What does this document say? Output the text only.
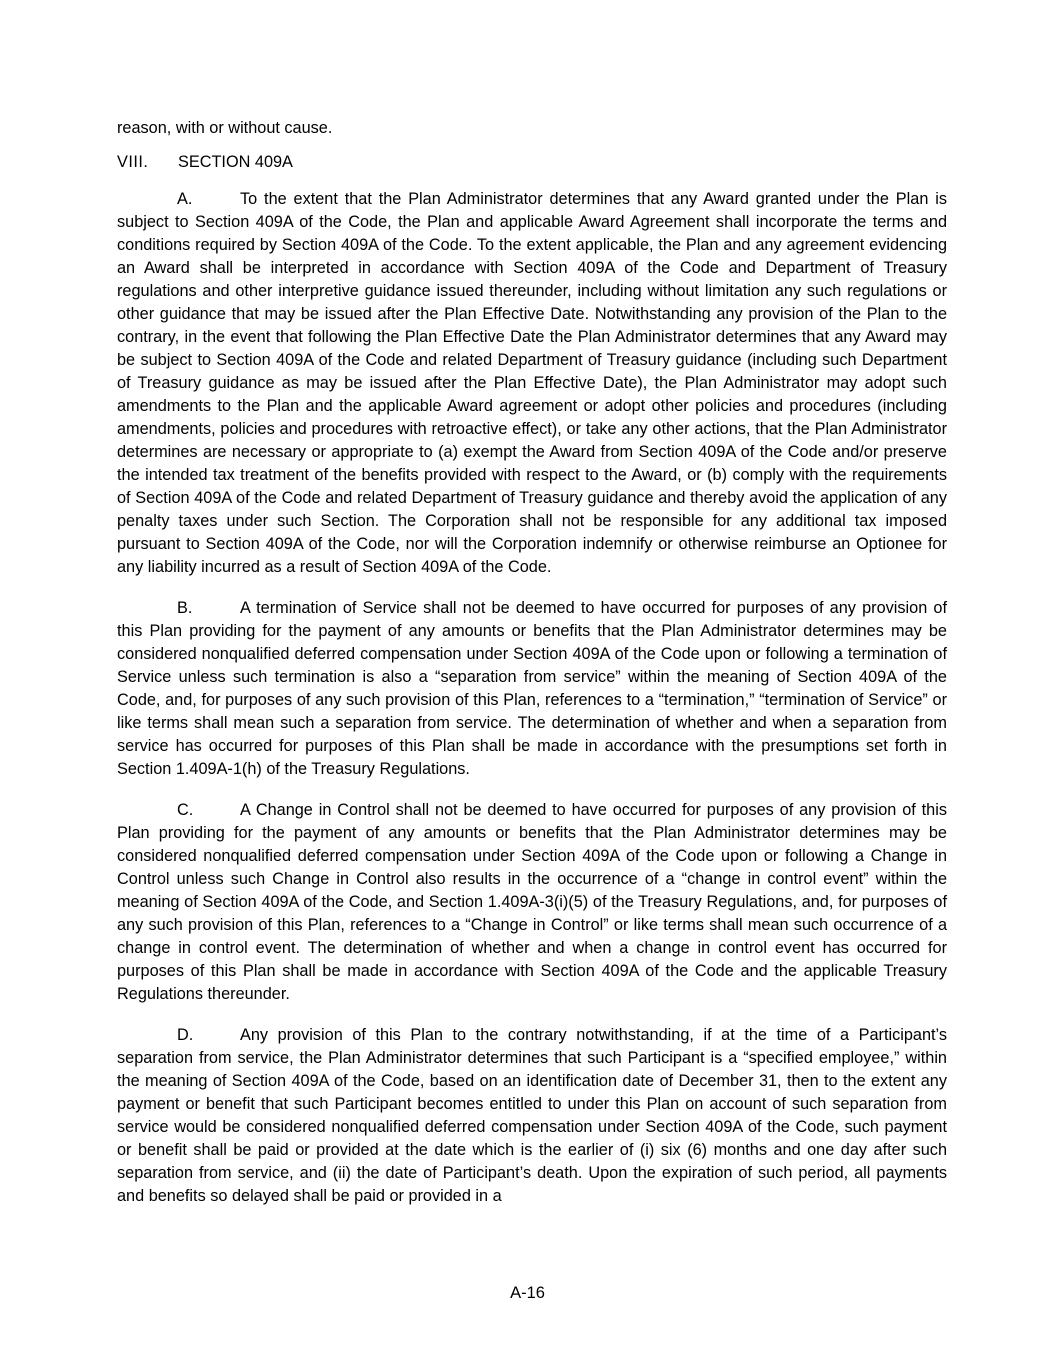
reason, with or without cause.

VIII.	SECTION 409A

A.	To the extent that the Plan Administrator determines that any Award granted under the Plan is subject to Section 409A of the Code, the Plan and applicable Award Agreement shall incorporate the terms and conditions required by Section 409A of the Code. To the extent applicable, the Plan and any agreement evidencing an Award shall be interpreted in accordance with Section 409A of the Code and Department of Treasury regulations and other interpretive guidance issued thereunder, including without limitation any such regulations or other guidance that may be issued after the Plan Effective Date. Notwithstanding any provision of the Plan to the contrary, in the event that following the Plan Effective Date the Plan Administrator determines that any Award may be subject to Section 409A of the Code and related Department of Treasury guidance (including such Department of Treasury guidance as may be issued after the Plan Effective Date), the Plan Administrator may adopt such amendments to the Plan and the applicable Award agreement or adopt other policies and procedures (including amendments, policies and procedures with retroactive effect), or take any other actions, that the Plan Administrator determines are necessary or appropriate to (a) exempt the Award from Section 409A of the Code and/or preserve the intended tax treatment of the benefits provided with respect to the Award, or (b) comply with the requirements of Section 409A of the Code and related Department of Treasury guidance and thereby avoid the application of any penalty taxes under such Section. The Corporation shall not be responsible for any additional tax imposed pursuant to Section 409A of the Code, nor will the Corporation indemnify or otherwise reimburse an Optionee for any liability incurred as a result of Section 409A of the Code.

B.	A termination of Service shall not be deemed to have occurred for purposes of any provision of this Plan providing for the payment of any amounts or benefits that the Plan Administrator determines may be considered nonqualified deferred compensation under Section 409A of the Code upon or following a termination of Service unless such termination is also a “separation from service” within the meaning of Section 409A of the Code, and, for purposes of any such provision of this Plan, references to a “termination,” “termination of Service” or like terms shall mean such a separation from service. The determination of whether and when a separation from service has occurred for purposes of this Plan shall be made in accordance with the presumptions set forth in Section 1.409A-1(h) of the Treasury Regulations.

C.	A Change in Control shall not be deemed to have occurred for purposes of any provision of this Plan providing for the payment of any amounts or benefits that the Plan Administrator determines may be considered nonqualified deferred compensation under Section 409A of the Code upon or following a Change in Control unless such Change in Control also results in the occurrence of a “change in control event” within the meaning of Section 409A of the Code, and Section 1.409A-3(i)(5) of the Treasury Regulations, and, for purposes of any such provision of this Plan, references to a “Change in Control” or like terms shall mean such occurrence of a change in control event. The determination of whether and when a change in control event has occurred for purposes of this Plan shall be made in accordance with Section 409A of the Code and the applicable Treasury Regulations thereunder.

D.	Any provision of this Plan to the contrary notwithstanding, if at the time of a Participant’s separation from service, the Plan Administrator determines that such Participant is a “specified employee,” within the meaning of Section 409A of the Code, based on an identification date of December 31, then to the extent any payment or benefit that such Participant becomes entitled to under this Plan on account of such separation from service would be considered nonqualified deferred compensation under Section 409A of the Code, such payment or benefit shall be paid or provided at the date which is the earlier of (i) six (6) months and one day after such separation from service, and (ii) the date of Participant’s death. Upon the expiration of such period, all payments and benefits so delayed shall be paid or provided in a

A-16
